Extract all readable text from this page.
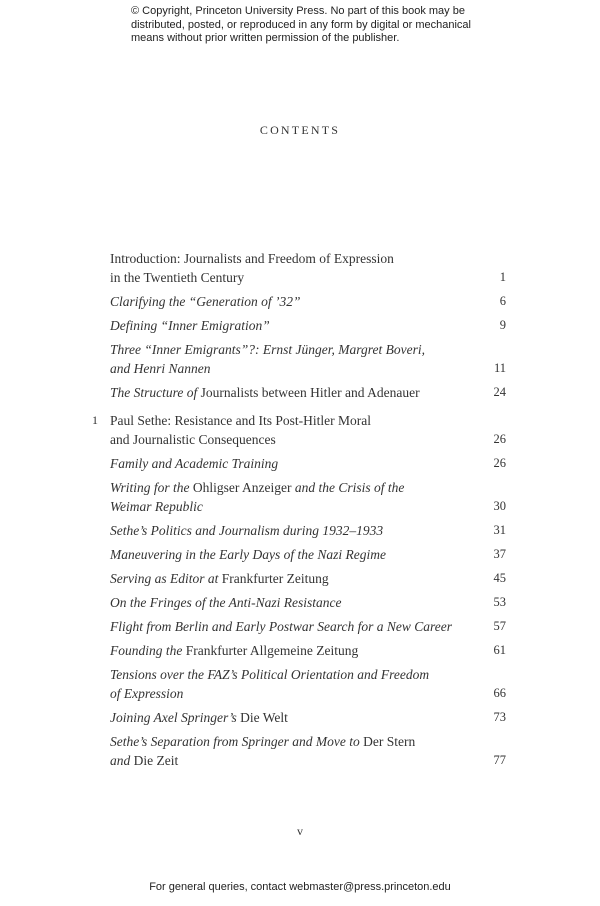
© Copyright, Princeton University Press. No part of this book may be
distributed, posted, or reproduced in any form by digital or mechanical
means without prior written permission of the publisher.
CONTENTS
Introduction: Journalists and Freedom of Expression
in the Twentieth Century	1
Clarifying the “Generation of ’32”	6
Defining “Inner Emigration”	9
Three “Inner Emigrants”?: Ernst Jünger, Margret Boveri,
and Henri Nannen	11
The Structure of Journalists between Hitler and Adenauer	24
1 Paul Sethe: Resistance and Its Post-Hitler Moral
and Journalistic Consequences	26
Family and Academic Training	26
Writing for the Ohligser Anzeiger and the Crisis of the
Weimar Republic	30
Sethe’s Politics and Journalism during 1932–1933	31
Maneuvering in the Early Days of the Nazi Regime	37
Serving as Editor at Frankfurter Zeitung	45
On the Fringes of the Anti-Nazi Resistance	53
Flight from Berlin and Early Postwar Search for a New Career	57
Founding the Frankfurter Allgemeine Zeitung	61
Tensions over the FAZ’s Political Orientation and Freedom
of Expression	66
Joining Axel Springer’s Die Welt	73
Sethe’s Separation from Springer and Move to Der Stern
and Die Zeit	77
v
For general queries, contact webmaster@press.princeton.edu
